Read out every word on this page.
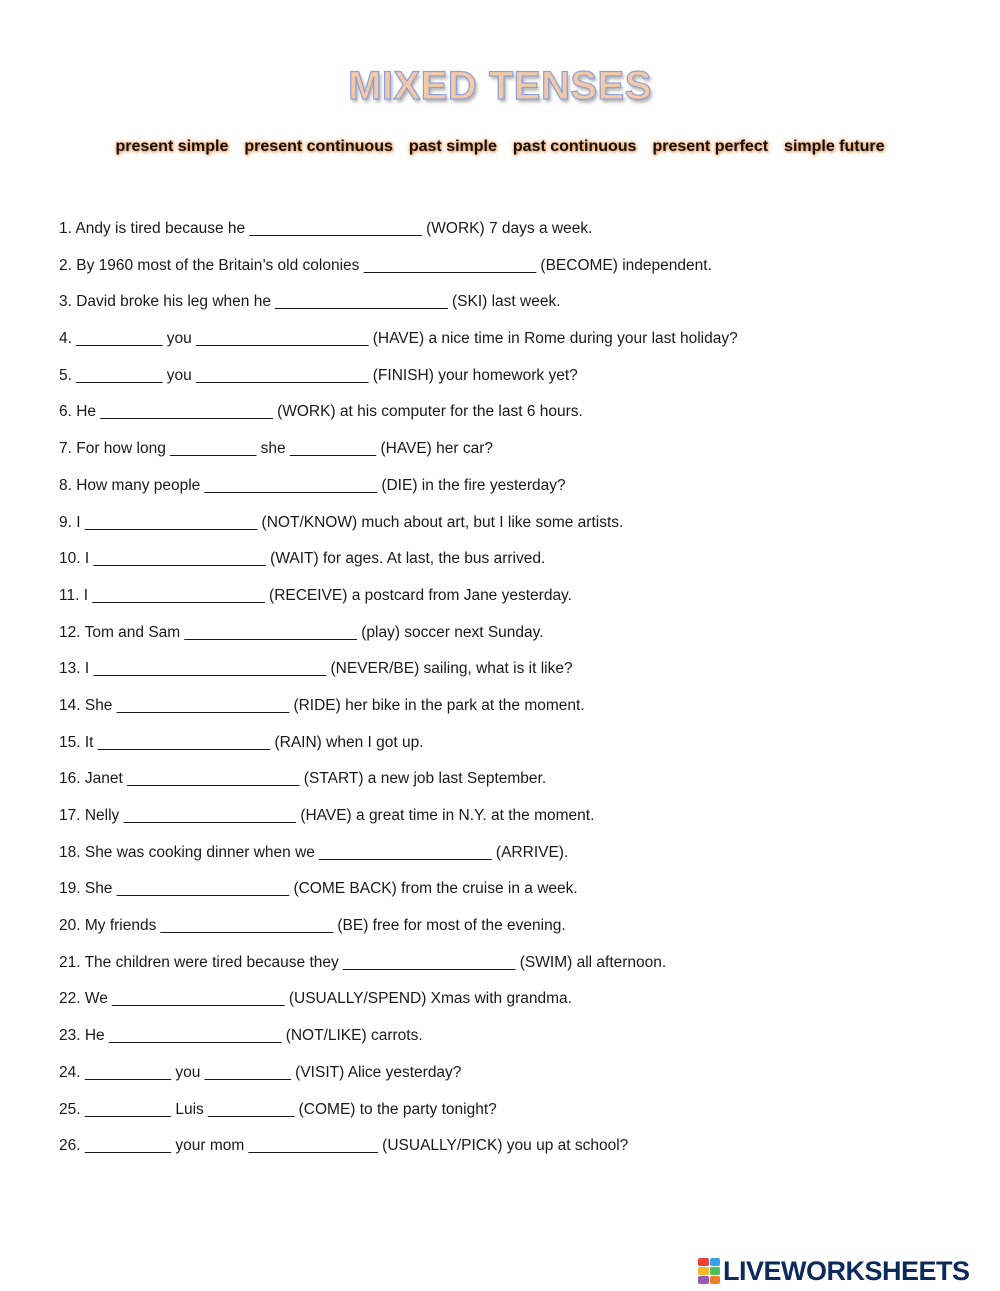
MIXED TENSES
present simple present continuous past simple past continuous present perfect simple future
1. Andy is tired because he ____________________ (WORK) 7 days a week.
2. By 1960 most of the Britain’s old colonies ____________________ (BECOME) independent.
3. David broke his leg when he ____________________ (SKI) last week.
4. __________ you ____________________ (HAVE) a nice time in Rome during your last holiday?
5. __________ you ____________________ (FINISH) your homework yet?
6. He ____________________ (WORK) at his computer for the last 6 hours.
7. For how long __________ she __________ (HAVE) her car?
8. How many people ____________________ (DIE) in the fire yesterday?
9. I ____________________ (NOT/KNOW) much about art, but I like some artists.
10. I ____________________ (WAIT) for ages. At last, the bus arrived.
11. I ____________________ (RECEIVE) a postcard from Jane yesterday.
12. Tom and Sam ____________________ (play) soccer next Sunday.
13. I ___________________________ (NEVER/BE) sailing, what is it like?
14. She ____________________ (RIDE) her bike in the park at the moment.
15. It ____________________ (RAIN) when I got up.
16. Janet ____________________ (START) a new job last September.
17. Nelly ____________________ (HAVE) a great time in N.Y. at the moment.
18. She was cooking dinner when we ____________________ (ARRIVE).
19. She ____________________ (COME BACK) from the cruise in a week.
20. My friends ____________________ (BE) free for most of the evening.
21. The children were tired because they ____________________ (SWIM) all afternoon.
22. We ____________________ (USUALLY/SPEND) Xmas with grandma.
23. He ____________________ (NOT/LIKE) carrots.
24. __________ you __________ (VISIT) Alice yesterday?
25. __________ Luis __________ (COME) to the party tonight?
26. __________ your mom _______________ (USUALLY/PICK) you up at school?
LIVEWORKSHEETS
